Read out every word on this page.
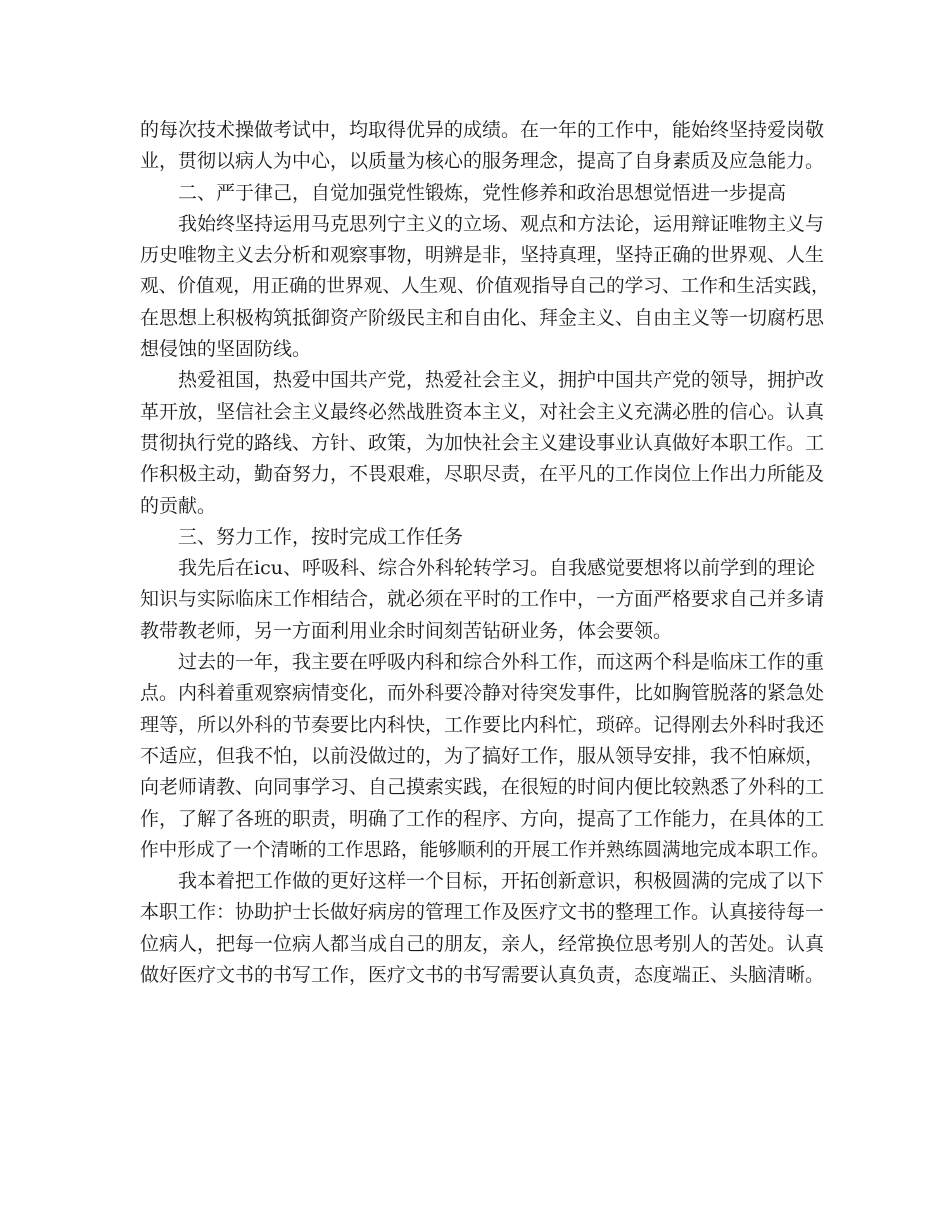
的每次技术操做考试中，均取得优异的成绩。在一年的工作中，能始终坚持爱岗敬
业，贯彻以病人为中心，以质量为核心的服务理念，提高了自身素质及应急能力。
二、严于律己，自觉加强党性锻炼，党性修养和政治思想觉悟进一步提高
我始终坚持运用马克思列宁主义的立场、观点和方法论，运用辩证唯物主义与
历史唯物主义去分析和观察事物，明辨是非，坚持真理，坚持正确的世界观、人生
观、价值观，用正确的世界观、人生观、价值观指导自己的学习、工作和生活实践，
在思想上积极构筑抵御资产阶级民主和自由化、拜金主义、自由主义等一切腐朽思
想侵蚀的坚固防线。
热爱祖国，热爱中国共产党，热爱社会主义，拥护中国共产党的领导，拥护改
革开放，坚信社会主义最终必然战胜资本主义，对社会主义充满必胜的信心。认真
贯彻执行党的路线、方针、政策，为加快社会主义建设事业认真做好本职工作。工
作积极主动，勤奋努力，不畏艰难，尽职尽责，在平凡的工作岗位上作出力所能及
的贡献。
三、努力工作，按时完成工作任务
我先后在icu、呼吸科、综合外科轮转学习。自我感觉要想将以前学到的理论
知识与实际临床工作相结合，就必须在平时的工作中，一方面严格要求自己并多请
教带教老师，另一方面利用业余时间刻苦钻研业务，体会要领。
过去的一年，我主要在呼吸内科和综合外科工作，而这两个科是临床工作的重
点。内科着重观察病情变化，而外科要冷静对待突发事件，比如胸管脱落的紧急处
理等，所以外科的节奏要比内科快，工作要比内科忙，琐碎。记得刚去外科时我还
不适应，但我不怕，以前没做过的，为了搞好工作，服从领导安排，我不怕麻烦，
向老师请教、向同事学习、自己摸索实践，在很短的时间内便比较熟悉了外科的工
作，了解了各班的职责，明确了工作的程序、方向，提高了工作能力，在具体的工
作中形成了一个清晰的工作思路，能够顺利的开展工作并熟练圆满地完成本职工作。
我本着把工作做的更好这样一个目标，开拓创新意识，积极圆满的完成了以下
本职工作：协助护士长做好病房的管理工作及医疗文书的整理工作。认真接待每一
位病人，把每一位病人都当成自己的朋友，亲人，经常换位思考别人的苦处。认真
做好医疗文书的书写工作，医疗文书的书写需要认真负责，态度端正、头脑清晰。
